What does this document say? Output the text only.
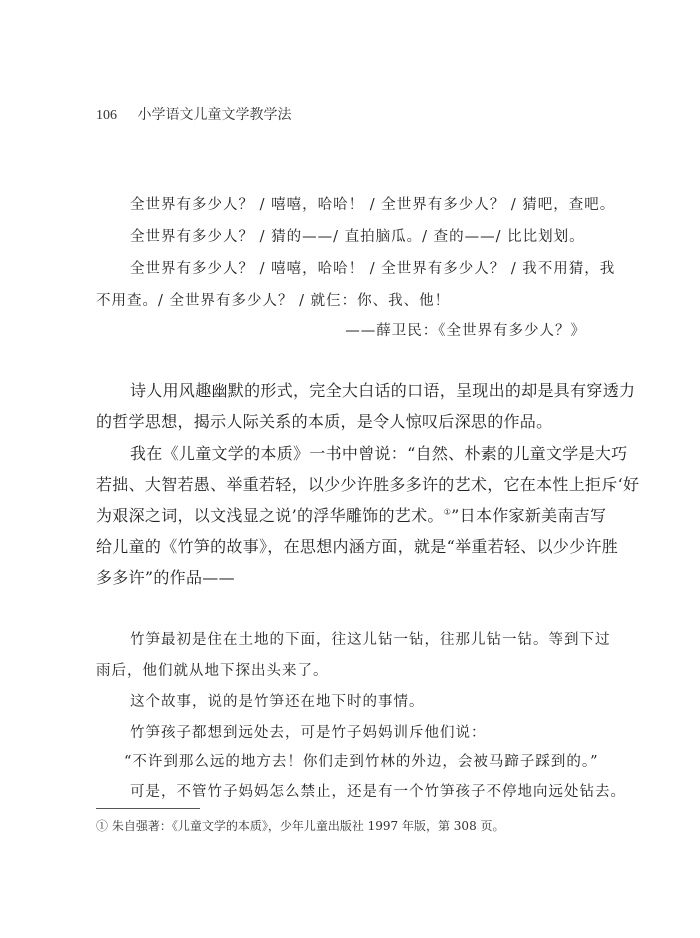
106 小学语文儿童文学教学法
全世界有多少人？ / 嘻嘻，哈哈！ / 全世界有多少人？ / 猜吧，查吧。
全世界有多少人？ / 猜的——/ 直拍脑瓜。/ 查的——/ 比比划划。
全世界有多少人？ / 嘻嘻，哈哈！ / 全世界有多少人？ / 我不用猜，我
不用查。/ 全世界有多少人？ / 就仨：你、我、他！
——薛卫民：《全世界有多少人？》
诗人用风趣幽默的形式，完全大白话的口语，呈现出的却是具有穿透力
的哲学思想，揭示人际关系的本质，是令人惊叹后深思的作品。
我在《儿童文学的本质》一书中曾说：“自然、朴素的儿童文学是大巧
若拙、大智若愚、举重若轻，以少少许胜多多许的艺术，它在本性上拒斥‘好
为艰深之词，以文浅显之说’的浮华雕饰的艺术。①”日本作家新美南吉写
给儿童的《竹笋的故事》，在思想内涵方面，就是“举重若轻、以少少许胜
多多许”的作品——
竹笋最初是住在土地的下面，往这儿钻一钻，往那儿钻一钻。等到下过
雨后，他们就从地下探出头来了。
这个故事，说的是竹笋还在地下时的事情。
竹笋孩子都想到远处去，可是竹子妈妈训斥他们说：
“不许到那么远的地方去！你们走到竹林的外边，会被马蹄子踩到的。”
可是，不管竹子妈妈怎么禁止，还是有一个竹笋孩子不停地向远处钻去。
① 朱自强著：《儿童文学的本质》，少年儿童出版社 1997 年版，第 308 页。
